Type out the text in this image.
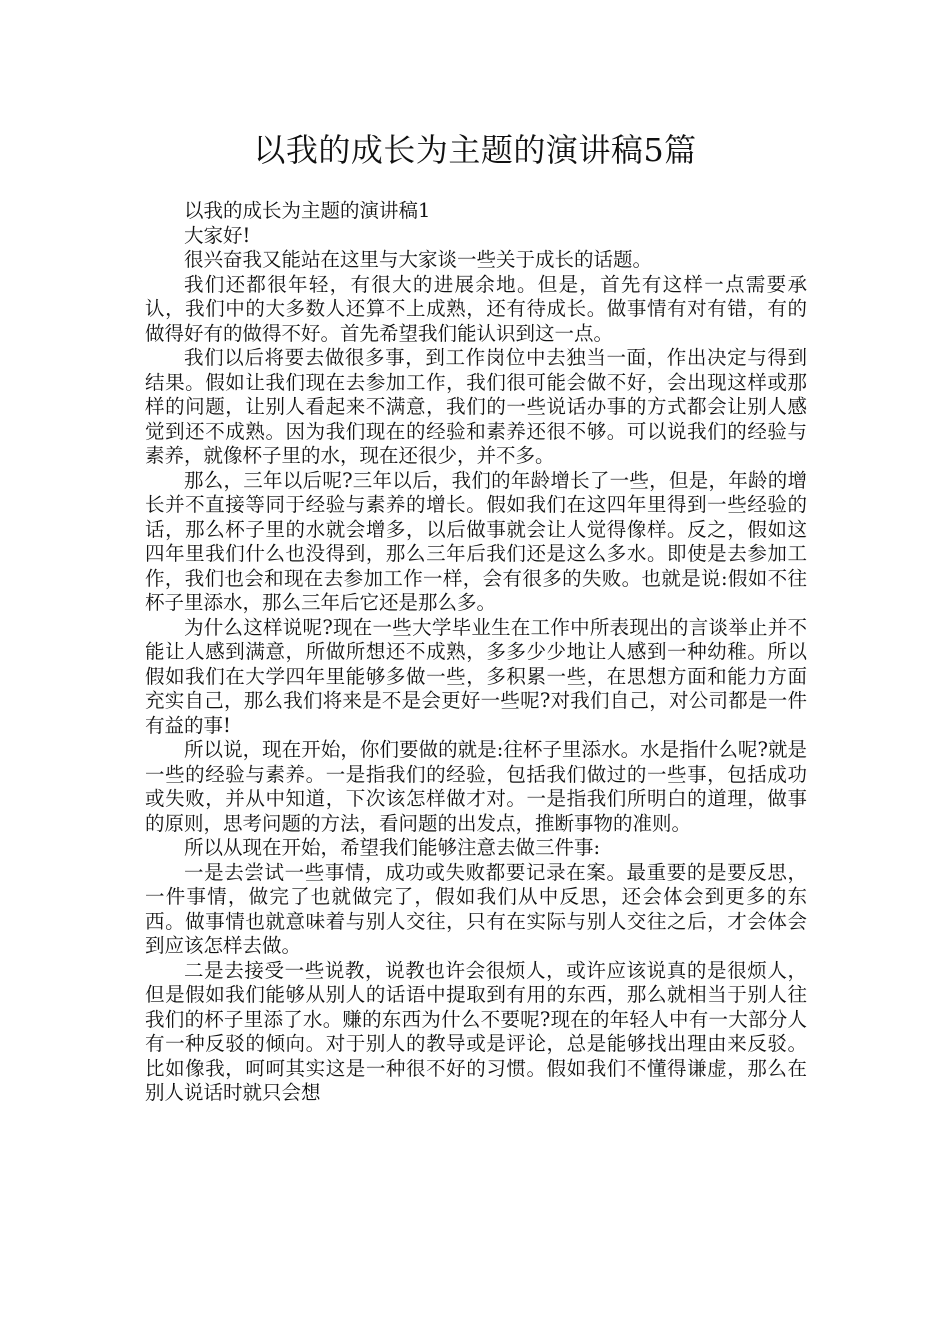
以我的成长为主题的演讲稿5篇

以我的成长为主题的演讲稿1

大家好!

很兴奋我又能站在这里与大家谈一些关于成长的话题。

我们还都很年轻，有很大的进展余地。但是，首先有这样一点需要承认，我们中的大多数人还算不上成熟，还有待成长。做事情有对有错，有的做得好有的做得不好。首先希望我们能认识到这一点。

我们以后将要去做很多事，到工作岗位中去独当一面，作出决定与得到结果。假如让我们现在去参加工作，我们很可能会做不好，会出现这样或那样的问题，让别人看起来不满意，我们的一些说话办事的方式都会让别人感觉到还不成熟。因为我们现在的经验和素养还很不够。可以说我们的经验与素养，就像杯子里的水，现在还很少，并不多。

那么，三年以后呢?三年以后，我们的年龄增长了一些，但是，年龄的增长并不直接等同于经验与素养的增长。假如我们在这四年里得到一些经验的话，那么杯子里的水就会增多，以后做事就会让人觉得像样。反之，假如这四年里我们什么也没得到，那么三年后我们还是这么多水。即使是去参加工作，我们也会和现在去参加工作一样，会有很多的失败。也就是说:假如不往杯子里添水，那么三年后它还是那么多。

为什么这样说呢?现在一些大学毕业生在工作中所表现出的言谈举止并不能让人感到满意，所做所想还不成熟，多多少少地让人感到一种幼稚。所以假如我们在大学四年里能够多做一些，多积累一些，在思想方面和能力方面充实自己，那么我们将来是不是会更好一些呢?对我们自己，对公司都是一件有益的事!

所以说，现在开始，你们要做的就是:往杯子里添水。水是指什么呢?就是一些的经验与素养。一是指我们的经验，包括我们做过的一些事，包括成功或失败，并从中知道，下次该怎样做才对。一是指我们所明白的道理，做事的原则，思考问题的方法，看问题的出发点，推断事物的准则。

所以从现在开始，希望我们能够注意去做三件事:

一是去尝试一些事情，成功或失败都要记录在案。最重要的是要反思，一件事情，做完了也就做完了，假如我们从中反思，还会体会到更多的东西。做事情也就意味着与别人交往，只有在实际与别人交往之后，才会体会到应该怎样去做。

二是去接受一些说教，说教也许会很烦人，或许应该说真的是很烦人，但是假如我们能够从别人的话语中提取到有用的东西，那么就相当于别人往我们的杯子里添了水。赚的东西为什么不要呢?现在的年轻人中有一大部分人有一种反驳的倾向。对于别人的教导或是评论，总是能够找出理由来反驳。比如像我，呵呵其实这是一种很不好的习惯。假如我们不懂得谦虚，那么在别人说话时就只会想
